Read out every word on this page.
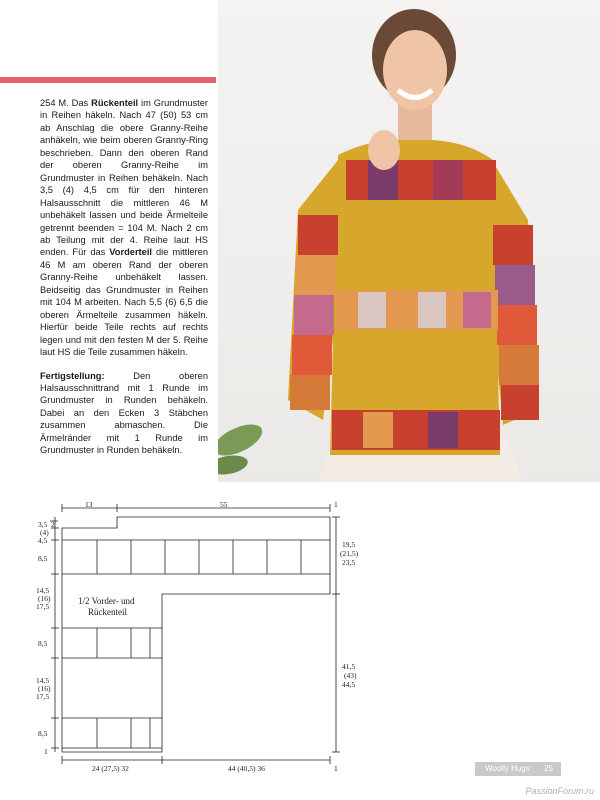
254 M. Das Rückenteil im Grundmuster in Reihen häkeln. Nach 47 (50) 53 cm ab Anschlag die obere Granny-Reihe anhäkeln, wie beim oberen Granny-Ring beschrieben. Dann den oberen Rand der oberen Granny-Reihe im Grundmuster in Reihen behäkeln. Nach 3,5 (4) 4,5 cm für den hinteren Halsausschnitt die mittleren 46 M unbehäkelt lassen und beide Ärmelteile getrennt beenden = 104 M. Nach 2 cm ab Teilung mit der 4. Reihe laut HS enden. Für das Vorderteil die mittleren 46 M am oberen Rand der oberen Granny-Reihe unbehäkelt lassen. Beidseitig das Grundmuster in Reihen mit 104 M arbeiten. Nach 5,5 (6) 6,5 die oberen Ärmelteile zusammen häkeln. Hierfür beide Teile rechts auf rechts legen und mit den festen M der 5. Reihe laut HS die Teile zusammen häkeln.

Fertigstellung: Den oberen Halsausschnittrand mit 1 Runde im Grundmuster in Runden behäkeln. Dabei an den Ecken 3 Stäbchen zusammen abmaschen. Die Ärmelränder mit 1 Runde im Grundmuster in Runden behäkeln.

1/2 Vorder- und
Rückenteil
13	55	1
2
3,5
(4)
4,5
8,5
14,5
(16)
17,5
8,5
14,5
(16)
17,5
8,5
1
19,5
(21,5)
23,5
41,5
(43)
44,5
24 (27,5) 32	44 (40,5) 36	1	Woolly Hugs 25
PassionForum.ru
